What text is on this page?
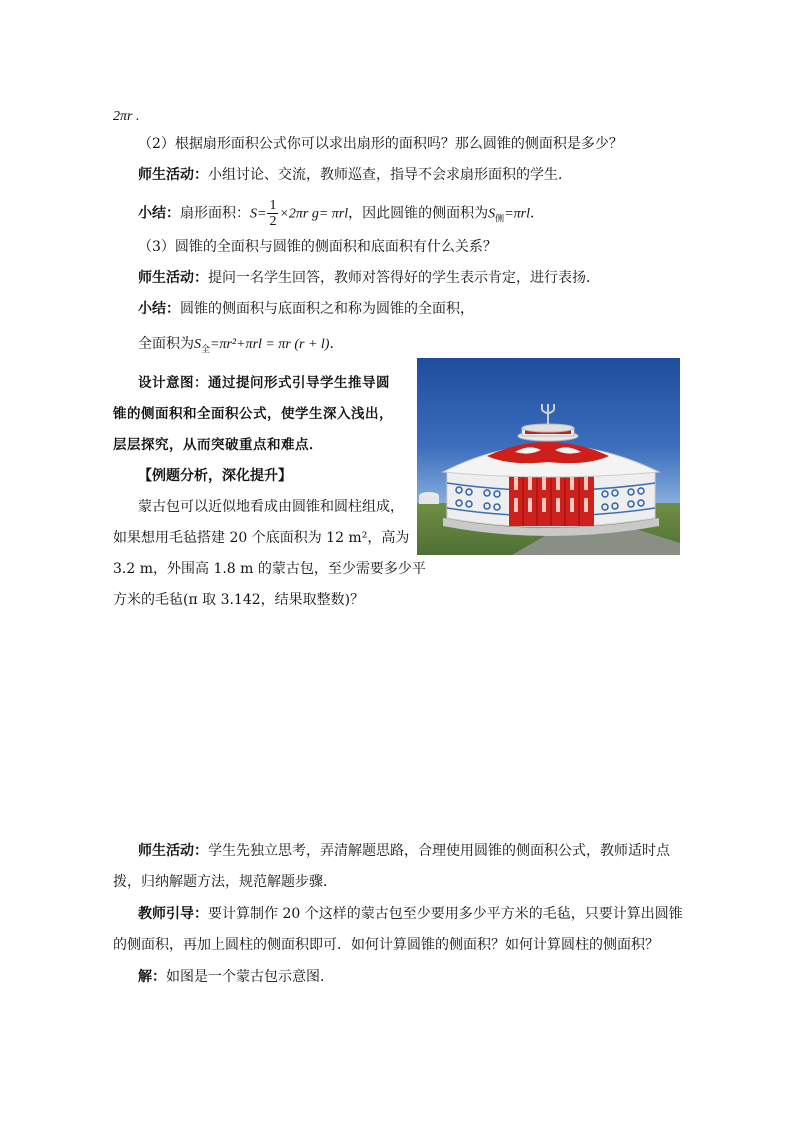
2πr .
（2）根据扇形面积公式你可以求出扇形的面积吗？那么圆锥的侧面积是多少？
师生活动：小组讨论、交流，教师巡查，指导不会求扇形面积的学生．
小结：扇形面积：$S= \frac{1}{2} \times 2\pi r$ g= πrl，因此圆锥的侧面积为$S_侧=\pi rl$．
（3）圆锥的全面积与圆锥的侧面积和底面积有什么关系？
师生活动：提问一名学生回答，教师对答得好的学生表示肯定，进行表扬．
小结：圆锥的侧面积与底面积之和称为圆锥的全面积，
全面积为$S_全=\pi r^2+\pi rl = \pi r$ (r + l)．
设计意图：通过提问形式引导学生推导圆
锥的侧面积和全面积公式，使学生深入浅出，
层层探究，从而突破重点和难点．
【例题分析，深化提升】
蒙古包可以近似地看成由圆锥和圆柱组成，
如果想用毛毡搭建 20 个底面积为 12 m²，高为
3.2 m，外围高 1.8 m 的蒙古包，至少需要多少平
方米的毛毡(π 取 3.142，结果取整数)？
师生活动：学生先独立思考，弄清解题思路，合理使用圆锥的侧面积公式，教师适时点
拨，归纳解题方法，规范解题步骤．
教师引导：要计算制作 20 个这样的蒙古包至少要用多少平方米的毛毡，只要计算出圆锥
的侧面积，再加上圆柱的侧面积即可．如何计算圆锥的侧面积？如何计算圆柱的侧面积？
解：如图是一个蒙古包示意图．
